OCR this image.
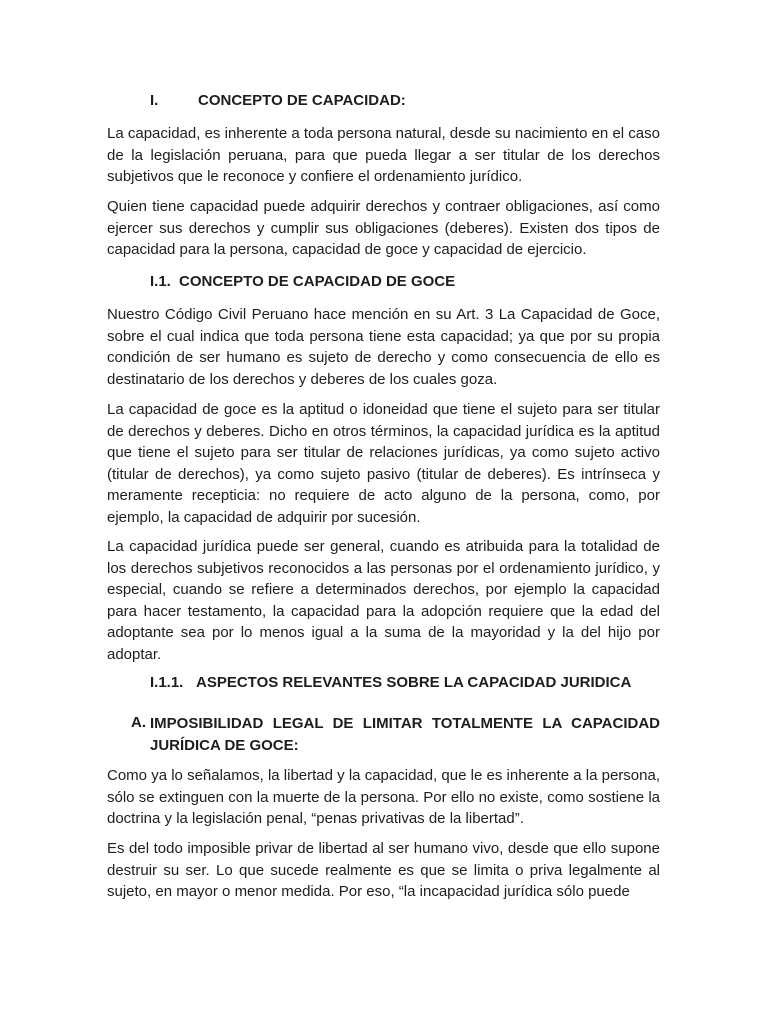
I.	CONCEPTO DE CAPACIDAD:

La capacidad, es inherente a toda persona natural, desde su nacimiento en el caso de la legislación peruana, para que pueda llegar a ser titular de los derechos subjetivos que le reconoce y confiere el ordenamiento jurídico.

Quien tiene capacidad puede adquirir derechos y contraer obligaciones, así como ejercer sus derechos y cumplir sus obligaciones (deberes). Existen dos tipos de capacidad para la persona, capacidad de goce y capacidad de ejercicio.

I.1. CONCEPTO DE CAPACIDAD DE GOCE

Nuestro Código Civil Peruano hace mención en su Art. 3 La Capacidad de Goce, sobre el cual indica que toda persona tiene esta capacidad; ya que por su propia condición de ser humano es sujeto de derecho y como consecuencia de ello es destinatario de los derechos y deberes de los cuales goza.

La capacidad de goce es la aptitud o idoneidad que tiene el sujeto para ser titular de derechos y deberes. Dicho en otros términos, la capacidad jurídica es la aptitud que tiene el sujeto para ser titular de relaciones jurídicas, ya como sujeto activo (titular de derechos), ya como sujeto pasivo (titular de deberes). Es intrínseca y meramente recepticia: no requiere de acto alguno de la persona, como, por ejemplo, la capacidad de adquirir por sucesión.

La capacidad jurídica puede ser general, cuando es atribuida para la totalidad de los derechos subjetivos reconocidos a las personas por el ordenamiento jurídico, y especial, cuando se refiere a determinados derechos, por ejemplo la capacidad para hacer testamento, la capacidad para la adopción requiere que la edad del adoptante sea por lo menos igual a la suma de la mayoridad y la del hijo por adoptar.

I.1.1. ASPECTOS RELEVANTES SOBRE LA CAPACIDAD JURIDICA
A. IMPOSIBILIDAD LEGAL DE LIMITAR TOTALMENTE LA CAPACIDAD JURÍDICA DE GOCE:

Como ya lo señalamos, la libertad y la capacidad, que le es inherente a la persona, sólo se extinguen con la muerte de la persona. Por ello no existe, como sostiene la doctrina y la legislación penal, “penas privativas de la libertad”.

Es del todo imposible privar de libertad al ser humano vivo, desde que ello supone destruir su ser. Lo que sucede realmente es que se limita o priva legalmente al sujeto, en mayor o menor medida. Por eso, “la incapacidad jurídica sólo puede
